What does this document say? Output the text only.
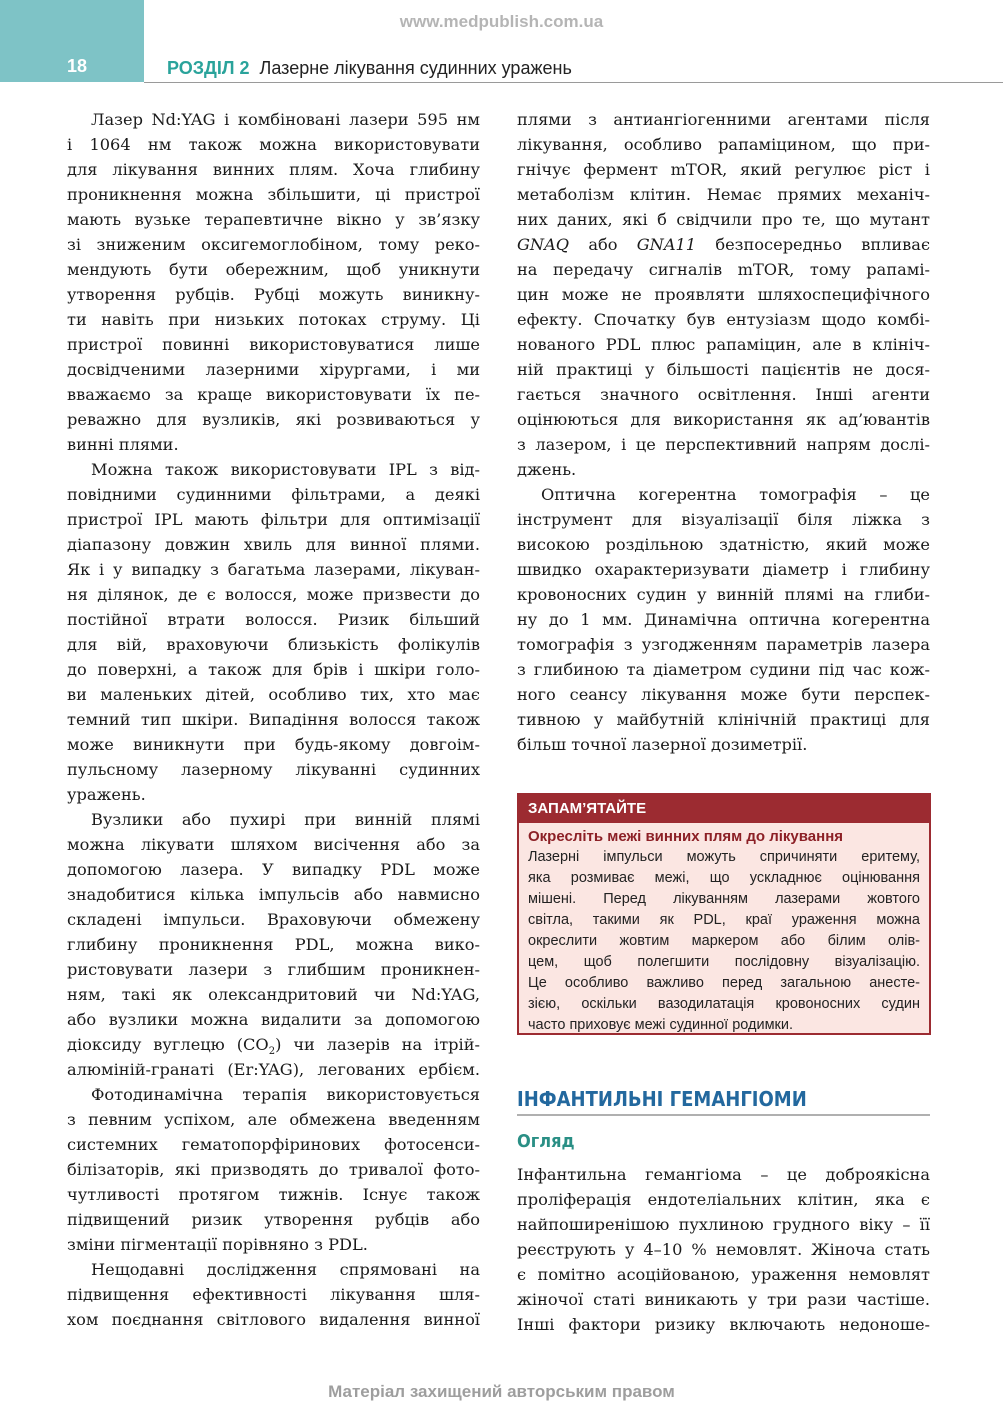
18
www.medpublish.com.ua
РОЗДІЛ 2 Лазерне лікування судинних уражень
Лазер Nd:YAG і комбіновані лазери 595 нм
і 1064 нм також можна використовувати
для лікування винних плям. Хоча глибину
проникнення можна збільшити, ці пристрої
мають вузьке терапевтичне вікно у зв’язку
зі зниженим оксигемоглобіном, тому реко-
мендують бути обережним, щоб уникнути
утворення рубців. Рубці можуть виникну-
ти навіть при низьких потоках струму. Ці
пристрої повинні використовуватися лише
досвідченими лазерними хірургами, і ми
вважаємо за краще використовувати їх пе-
реважно для вузликів, які розвиваються у
винні плями.
Можна також використовувати IPL з від-
повідними судинними фільтрами, а деякі
пристрої IPL мають фільтри для оптимізації
діапазону довжин хвиль для винної плями.
Як і у випадку з багатьма лазерами, лікуван-
ня ділянок, де є волосся, може призвести до
постійної втрати волосся. Ризик більший
для вій, враховуючи близькість фолікулів
до поверхні, а також для брів і шкіри голо-
ви маленьких дітей, особливо тих, хто має
темний тип шкіри. Випадіння волосся також
може виникнути при будь-якому довгоім-
пульсному лазерному лікуванні судинних
уражень.
Вузлики або пухирі при винній плямі
можна лікувати шляхом висічення або за
допомогою лазера. У випадку PDL може
знадобитися кілька імпульсів або навмисно
складені імпульси. Враховуючи обмежену
глибину проникнення PDL, можна вико-
ристовувати лазери з глибшим проникнен-
ням, такі як олександритовий чи Nd:YAG,
або вузлики можна видалити за допомогою
діоксиду вуглецю $(CO_2)$ чи лазерів на ітрій-
алюміній-гранаті (Er:YAG), легованих ербієм.
Фотодинамічна терапія використовується
з певним успіхом, але обмежена введенням
системних гематопорфіринових фотосенси-
білізаторів, які призводять до тривалої фото-
чутливості протягом тижнів. Існує також
підвищений ризик утворення рубців або
зміни пігментації порівняно з PDL.
Нещодавні дослідження спрямовані на
підвищення ефективності лікування шля-
хом поєднання світлового видалення винної
плями з антиангіогенними агентами після
лікування, особливо рапаміцином, що при-
гнічує фермент mTOR, який регулює ріст і
метаболізм клітин. Немає прямих механіч-
них даних, які б свідчили про те, що мутант
GNAQ або GNA11 безпосередньо впливає
на передачу сигналів mTOR, тому рапамі-
цин може не проявляти шляхоспецифічного
ефекту. Спочатку був ентузіазм щодо комбі-
нованого PDL плюс рапаміцин, але в клініч-
ній практиці у більшості пацієнтів не дося-
гається значного освітлення. Інші агенти
оцінюються для використання як ад’ювантів
з лазером, і це перспективний напрям дослі-
джень.
Оптична когерентна томографія – це
інструмент для візуалізації біля ліжка з
високою роздільною здатністю, який може
швидко охарактеризувати діаметр і глибину
кровоносних судин у винній плямі на глиби-
ну до 1 мм. Динамічна оптична когерентна
томографія з узгодженням параметрів лазера
з глибиною та діаметром судини під час кож-
ного сеансу лікування може бути перспек-
тивною у майбутній клінічній практиці для
більш точної лазерної дозиметрії.
ЗАПАМ’ЯТАЙТЕ
Окресліть межі винних плям до лікування
Лазерні імпульси можуть спричиняти еритему,
яка розмиває межі, що ускладнює оцінювання
мішені. Перед лікуванням лазерами жовтого
світла, такими як PDL, краї ураження можна
окреслити жовтим маркером або білим олів-
цем, щоб полегшити послідовну візуалізацію.
Це особливо важливо перед загальною анесте-
зією, оскільки вазодилатація кровоносних судин
часто приховує межі судинної родимки.
ІНФАНТИЛЬНІ ГЕМАНГІОМИ
Огляд
Інфантильна гемангіома – це доброякісна
проліферація ендотеліальних клітин, яка є
найпоширенішою пухлиною грудного віку – її
реєструють у 4–10 % немовлят. Жіноча стать
є помітно асоційованою, ураження немовлят
жіночої статі виникають у три рази частіше.
Інші фактори ризику включають недоноше-
Матеріал захищений авторським правом
